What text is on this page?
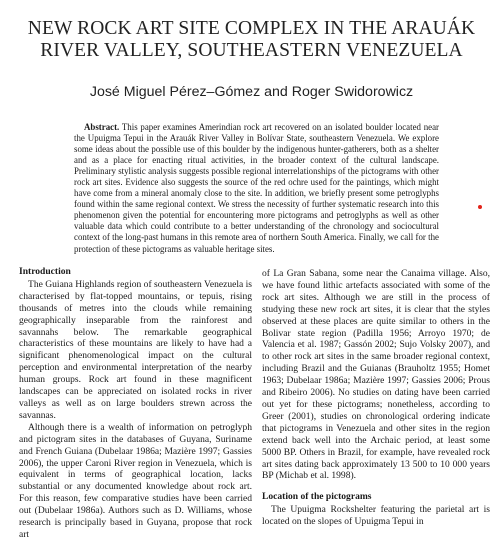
NEW ROCK ART SITE COMPLEX IN THE ARAUÁK
RIVER VALLEY, SOUTHEASTERN VENEZUELA
José Miguel Pérez–Gómez and Roger Swidorowicz
Abstract. This paper examines Amerindian rock art recovered on an isolated boulder located near the Upuigma Tepui in the Arauák River Valley in Bolívar State, southeastern Venezuela. We explore some ideas about the possible use of this boulder by the indigenous hunter-gatherers, both as a shelter and as a place for enacting ritual activities, in the broader context of the cultural landscape. Preliminary stylistic analysis suggests possible regional interrelationships of the pictograms with other rock art sites. Evidence also suggests the source of the red ochre used for the paintings, which might have come from a mineral anomaly close to the site. In addition, we briefly present some petroglyphs found within the same regional context. We stress the necessity of further systematic research into this phenomenon given the potential for encountering more pictograms and petroglyphs as well as other valuable data which could contribute to a better understanding of the chronology and sociocultural context of the long-past humans in this remote area of northern South America. Finally, we call for the protection of these pictograms as valuable heritage sites.
Introduction

The Guiana Highlands region of southeastern Venezuela is characterised by flat-topped mountains, or tepuis, rising thousands of metres into the clouds while remaining geographically inseparable from the rainforest and savannahs below. The remarkable geographical characteristics of these mountains are likely to have had a significant phenomenological impact on the cultural perception and environmental interpretation of the nearby human groups. Rock art found in these magnificent landscapes can be appreciated on isolated rocks in river valleys as well as on large boulders strewn across the savannas.

Although there is a wealth of information on petroglyph and pictogram sites in the databases of Guyana, Suriname and French Guiana (Dubelaar 1986a; Mazière 1997; Gassies 2006), the upper Caroni River region in Venezuela, which is equivalent in terms of geographical location, lacks substantial or any documented knowledge about rock art. For this reason, few comparative studies have been carried out (Dubelaar 1986a). Authors such as D. Williams, whose research is principally based in Guyana, propose that rock art

of La Gran Sabana, some near the Canaima village. Also, we have found lithic artefacts associated with some of the rock art sites. Although we are still in the process of studying these new rock art sites, it is clear that the styles observed at these places are quite similar to others in the Bolivar state region (Padilla 1956; Arroyo 1970; de Valencia et al. 1987; Gassón 2002; Sujo Volsky 2007), and to other rock art sites in the same broader regional context, including Brazil and the Guianas (Brauholtz 1955; Homet 1963; Dubelaar 1986a; Mazière 1997; Gassies 2006; Prous and Ribeiro 2006). No studies on dating have been carried out yet for these pictograms; nonetheless, according to Greer (2001), studies on chronological ordering indicate that pictograms in Venezuela and other sites in the region extend back well into the Archaic period, at least some 5000 BP. Others in Brazil, for example, have revealed rock art sites dating back approximately 13 500 to 10 000 years BP (Michab et al. 1998).

Location of the pictograms

The Upuigma Rockshelter featuring the parietal art is located on the slopes of Upuigma Tepui in
